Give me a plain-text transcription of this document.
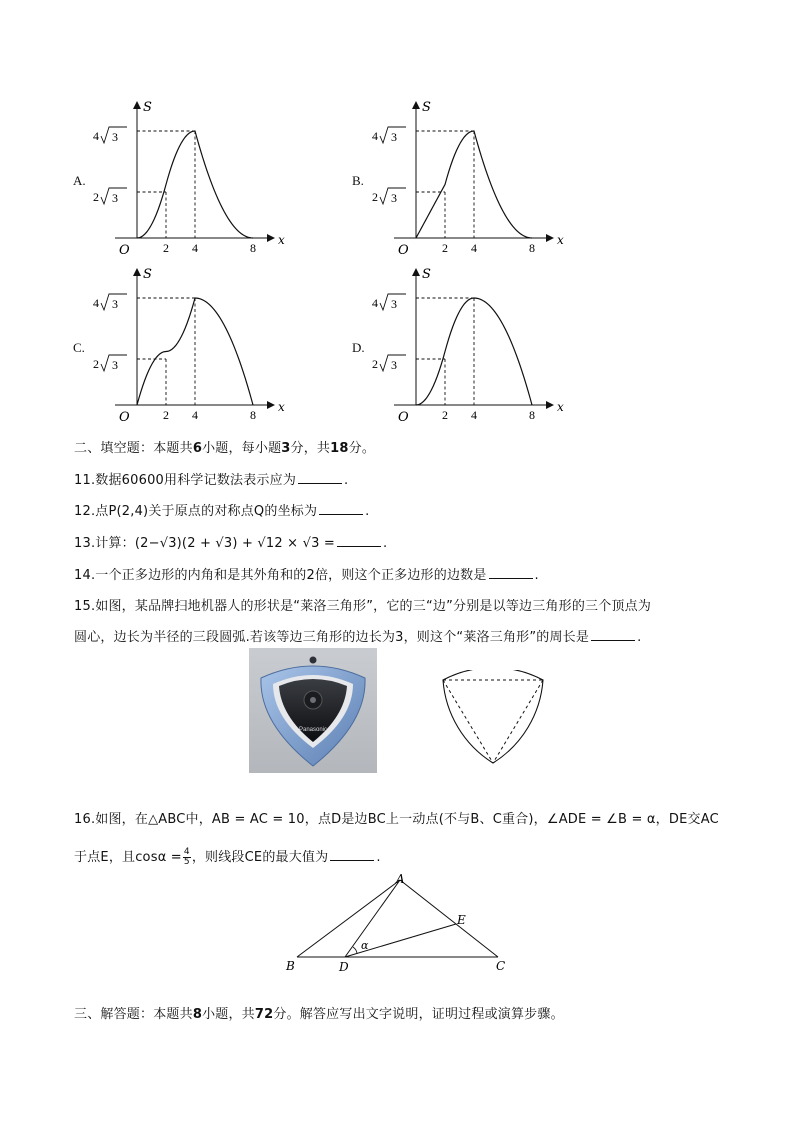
A.	B.
C.	D.
S
x
O	2 4	8
4 3
2 3
S
x
O	2 4	8
4 3
2 3
S
x
O	2 4	8
4 3
2 3
S
x
O	2 4	8
4 3
2 3
二、填空题：本题共6小题，每小题3分，共18分。
11.数据60600用科学记数法表示应为	.
12.点P(2,4)关于原点的对称点Q的坐标为	.
13.计算：(2−√3)(2 + √3) + √12 × √3 =	.
14.一个正多边形的内角和是其外角和的2倍，则这个正多边形的边数是	.
15.如图，某品牌扫地机器人的形状是“莱洛三角形”，它的三“边”分别是以等边三角形的三个顶点为
圆心，边长为半径的三段圆弧.若该等边三角形的边长为3，则这个“莱洛三角形”的周长是	.
Panasonic
16.如图，在△ABC中，AB = AC = 10，点D是边BC上一动点(不与B、C重合)，∠ADE = ∠B = α，DE交AC
于点E，且$\cos\alpha = \frac{4}{5}$ ，则线段CE的最大值为	.
A
B	C
D
E
α
三、解答题：本题共8小题，共72分。解答应写出文字说明，证明过程或演算步骤。
